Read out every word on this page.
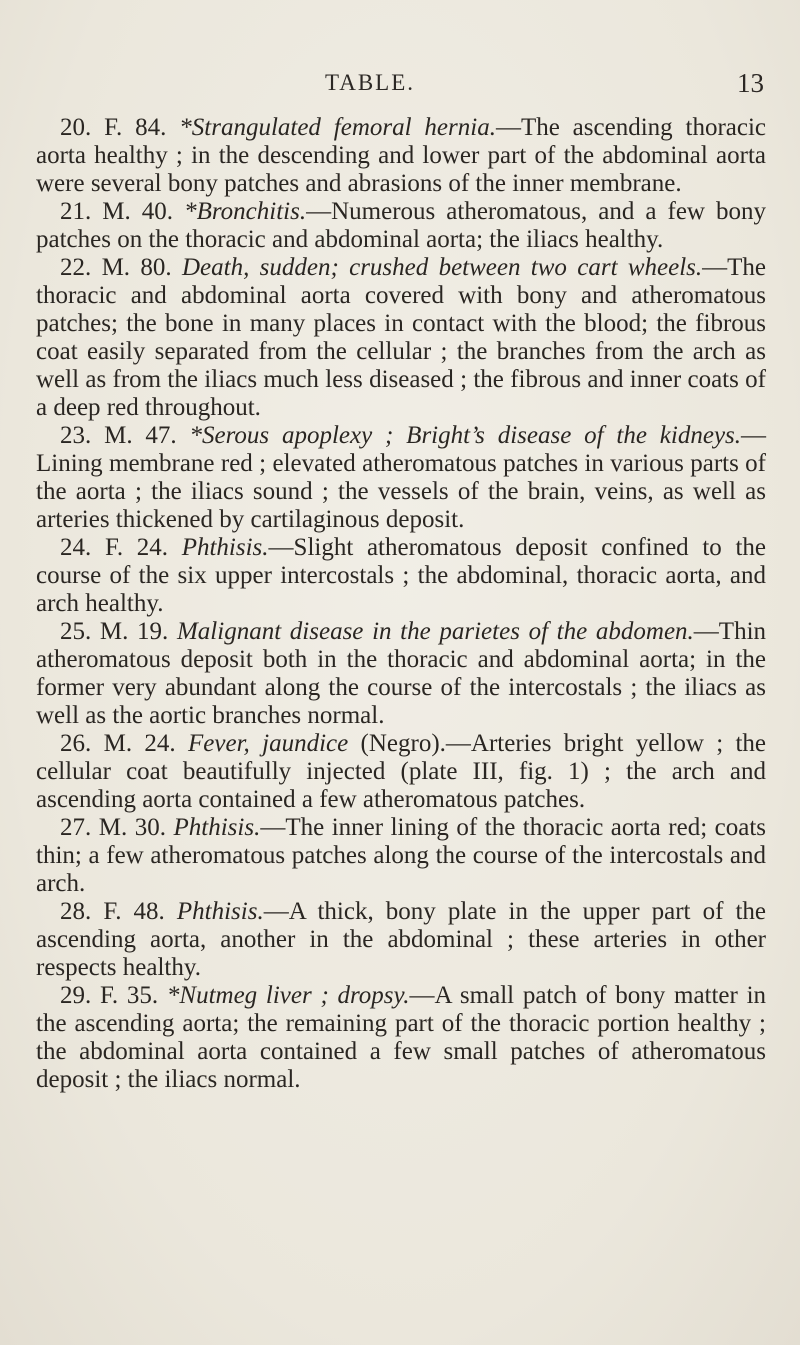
TABLE.	13

20. F. 84. *Strangulated femoral hernia.—The ascending thoracic aorta healthy ; in the descending and lower part of the abdominal aorta were several bony patches and abrasions of the inner membrane.

21. M. 40. *Bronchitis.—Numerous atheromatous, and a few bony patches on the thoracic and abdominal aorta; the iliacs healthy.

22. M. 80. Death, sudden; crushed between two cart wheels.—The thoracic and abdominal aorta covered with bony and atheromatous patches; the bone in many places in contact with the blood; the fibrous coat easily separated from the cellular ; the branches from the arch as well as from the iliacs much less diseased ; the fibrous and inner coats of a deep red throughout.

23. M. 47. *Serous apoplexy ; Bright’s disease of the kidneys.—Lining membrane red ; elevated atheromatous patches in various parts of the aorta ; the iliacs sound ; the vessels of the brain, veins, as well as arteries thickened by cartilaginous deposit.

24. F. 24. Phthisis.—Slight atheromatous deposit confined to the course of the six upper intercostals ; the abdominal, thoracic aorta, and arch healthy.

25. M. 19. Malignant disease in the parietes of the abdomen.—Thin atheromatous deposit both in the thoracic and abdominal aorta; in the former very abundant along the course of the intercostals ; the iliacs as well as the aortic branches normal.

26. M. 24. Fever, jaundice (Negro).—Arteries bright yellow ; the cellular coat beautifully injected (plate III, fig. 1) ; the arch and ascending aorta contained a few atheromatous patches.

27. M. 30. Phthisis.—The inner lining of the thoracic aorta red; coats thin; a few atheromatous patches along the course of the intercostals and arch.

28. F. 48. Phthisis.—A thick, bony plate in the upper part of the ascending aorta, another in the abdominal ; these arteries in other respects healthy.

29. F. 35. *Nutmeg liver ; dropsy.—A small patch of bony matter in the ascending aorta; the remaining part of the thoracic portion healthy ; the abdominal aorta contained a few small patches of atheromatous deposit ; the iliacs normal.
